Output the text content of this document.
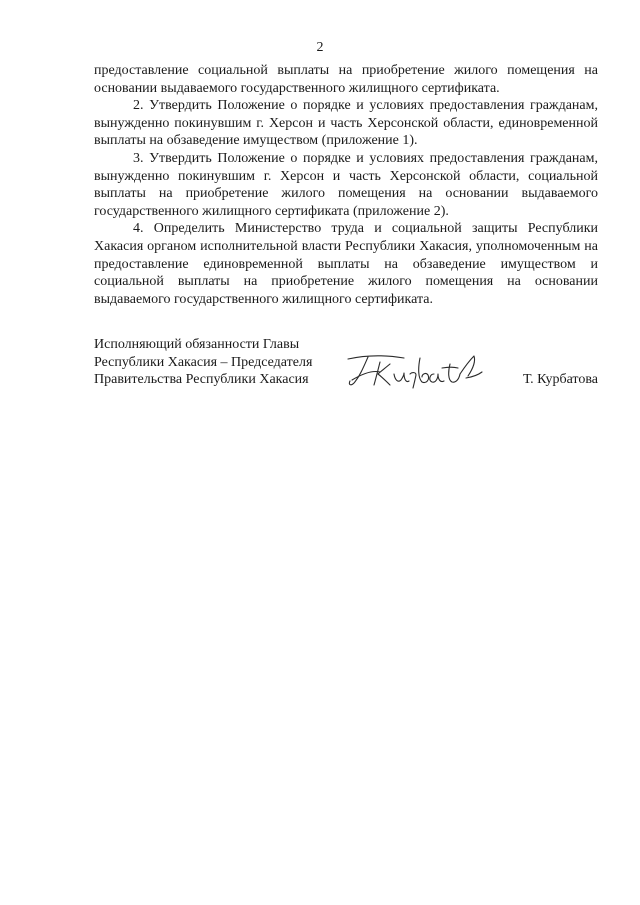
2

предоставление социальной выплаты на приобретение жилого помещения на основании выдаваемого государственного жилищного сертификата.

2. Утвердить Положение о порядке и условиях предоставления гражданам, вынужденно покинувшим г. Херсон и часть Херсонской области, единовременной выплаты на обзаведение имуществом (приложение 1).

3. Утвердить Положение о порядке и условиях предоставления гражданам, вынужденно покинувшим г. Херсон и часть Херсонской области, социальной выплаты на приобретение жилого помещения на основании выдаваемого государственного жилищного сертификата (приложение 2).

4. Определить Министерство труда и социальной защиты Республики Хакасия органом исполнительной власти Республики Хакасия, уполномоченным на предоставление единовременной выплаты на обзаведение имуществом и социальной выплаты на приобретение жилого помещения на основании выдаваемого государственного жилищного сертификата.

Исполняющий обязанности Главы
Республики Хакасия – Председателя
Правительства Республики Хакасия	Т. Курбатова
